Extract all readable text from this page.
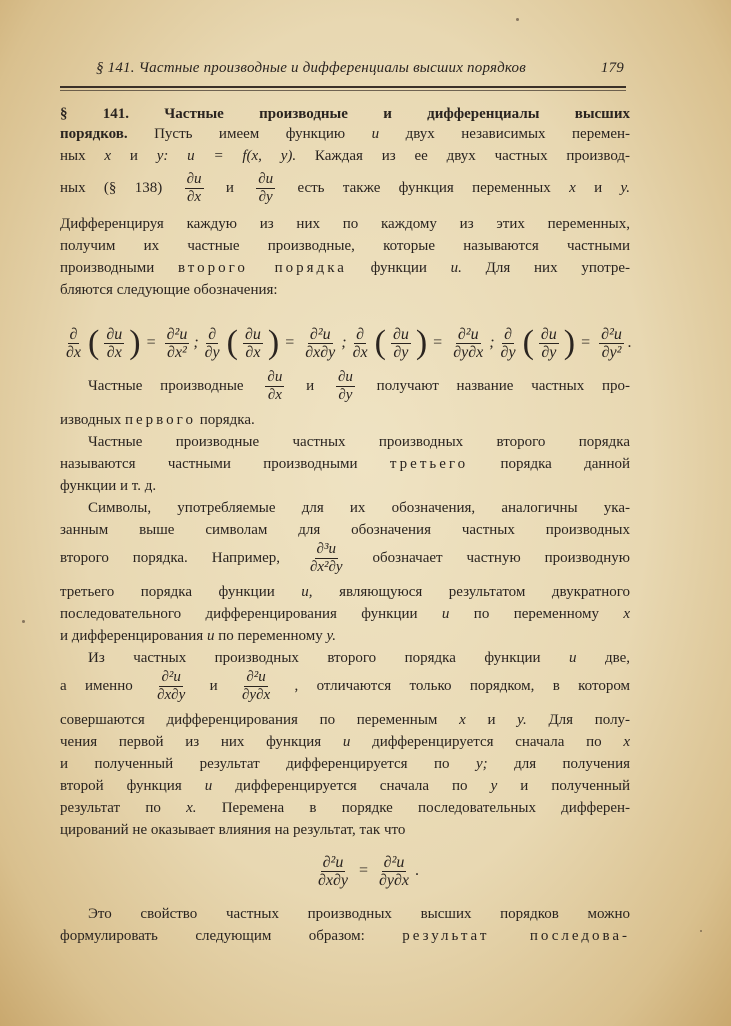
§ 141. Частные производные и дифференциалы высших порядков	179
§ 141. Частные производные и дифференциалы высших
порядков. Пусть имеем функцию u двух независимых перемен-
ных x и y: u = f(x, y). Каждая из ее двух частных производ-
ных (§ $138) \frac{\partial u}{\partial x}$ и $\frac{\partial u}{\partial y}$ есть также функция переменных x и y.
Дифференцируя каждую из них по каждому из этих переменных,
получим их частные производные, которые называются частными
производными второго порядка функции u. Для них употре-
бляются следующие обозначения:
$\frac{\partial}{\partial x}$ ( $\frac{\partial u}{\partial x}$ ) = $\frac{\text{∂²u}}{\text{∂x²}}$ ; $\frac{\partial}{\partial y}$ ( $\frac{\partial u}{\partial x}$ ) = $\frac{\text{∂²u}}{\partial x\partial y}$ ; $\frac{\partial}{\partial x}$ ( $\frac{\partial u}{\partial y}$ ) = $\frac{\text{∂²u}}{\partial y\partial x}$ ; $\frac{\partial}{\partial y}$ ( $\frac{\partial u}{\partial y}$ ) = $\frac{\text{∂²u}}{\text{∂y²}}$ .
Частные производные $\frac{\partial u}{\partial x}$ и $\frac{\partial u}{\partial y}$ получают название частных про-
изводных первого порядка.
Частные производные частных производных второго порядка
называются частными производными третьего порядка данной
функции и т. д.
Символы, употребляемые для их обозначения, аналогичны ука-
занным выше символам для обозначения частных производных
второго порядка. Например, $\frac{\text{∂³u}}{\text{∂x²∂y}}$ обозначает частную производную
третьего порядка функции u, являющуюся результатом двукратного
последовательного дифференцирования функции u по переменному x
и дифференцирования u по переменному y.
Из частных производных второго порядка функции u две,
а именно $\frac{\text{∂²u}}{\partial x\partial y}$ и $\frac{\text{∂²u}}{\partial y\partial x}$ , отличаются только порядком, в котором
совершаются дифференцирования по переменным x и y. Для полу-
чения первой из них функция u дифференцируется сначала по x
и полученный результат дифференцируется по y; для получения
второй функция u дифференцируется сначала по y и полученный
результат по x. Перемена в порядке последовательных дифферен-
цирований не оказывает влияния на результат, так что
$\frac{\text{∂²u}}{\partial x\partial y} = \frac{\text{∂²u}}{\partial y\partial x}$ .
Это свойство частных производных высших порядков можно
формулировать следующим образом: результат последова-
